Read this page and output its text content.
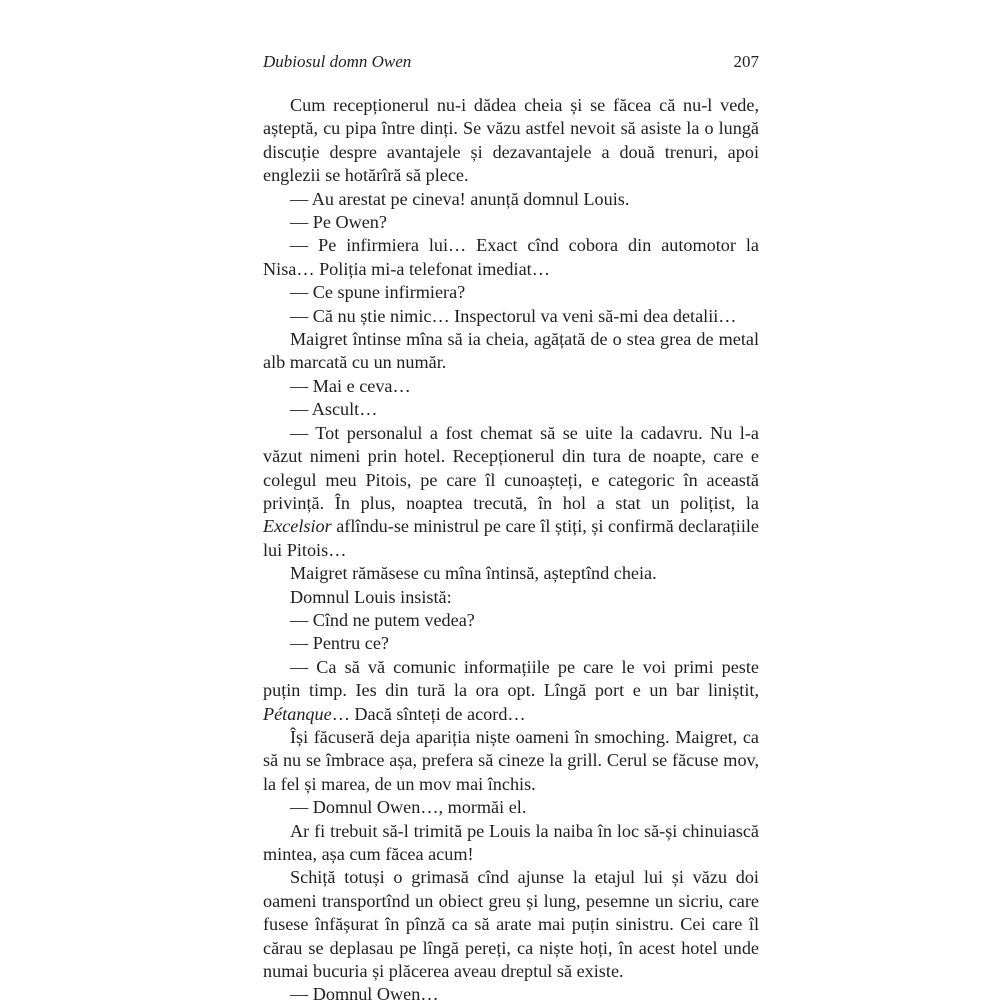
Dubiosul domn Owen	207

Cum recepționerul nu-i dădea cheia și se făcea că nu-l vede, așteptă, cu pipa între dinți. Se văzu astfel nevoit să asiste la o lungă discuție despre avantajele și dezavantajele a două trenuri, apoi englezii se hotărîră să plece.

— Au arestat pe cineva! anunță domnul Louis.

— Pe Owen?

— Pe infirmiera lui… Exact cînd cobora din automotor la Nisa… Poliția mi-a telefonat imediat…

— Ce spune infirmiera?

— Că nu știe nimic… Inspectorul va veni să-mi dea detalii…

Maigret întinse mîna să ia cheia, agățată de o stea grea de metal alb marcată cu un număr.

— Mai e ceva…

— Ascult…

— Tot personalul a fost chemat să se uite la cadavru. Nu l-a văzut nimeni prin hotel. Recepționerul din tura de noapte, care e colegul meu Pitois, pe care îl cunoașteți, e categoric în această privință. În plus, noaptea trecută, în hol a stat un polițist, la Excelsior aflîndu-se ministrul pe care îl știți, și confirmă declarațiile lui Pitois…

Maigret rămăsese cu mîna întinsă, așteptînd cheia.

Domnul Louis insistă:

— Cînd ne putem vedea?

— Pentru ce?

— Ca să vă comunic informațiile pe care le voi primi peste puțin timp. Ies din tură la ora opt. Lîngă port e un bar liniștit, Pétanque… Dacă sînteți de acord…

Își făcuseră deja apariția niște oameni în smoching. Maigret, ca să nu se îmbrace așa, prefera să cineze la grill. Cerul se făcuse mov, la fel și marea, de un mov mai închis.

— Domnul Owen…, mormăi el.

Ar fi trebuit să-l trimită pe Louis la naiba în loc să-și chinuiască mintea, așa cum făcea acum!

Schiță totuși o grimasă cînd ajunse la etajul lui și văzu doi oameni transportînd un obiect greu și lung, pesemne un sicriu, care fusese înfășurat în pînză ca să arate mai puțin sinistru. Cei care îl cărau se deplasau pe lîngă pereți, ca niște hoți, în acest hotel unde numai bucuria și plăcerea aveau dreptul să existe.

— Domnul Owen…
